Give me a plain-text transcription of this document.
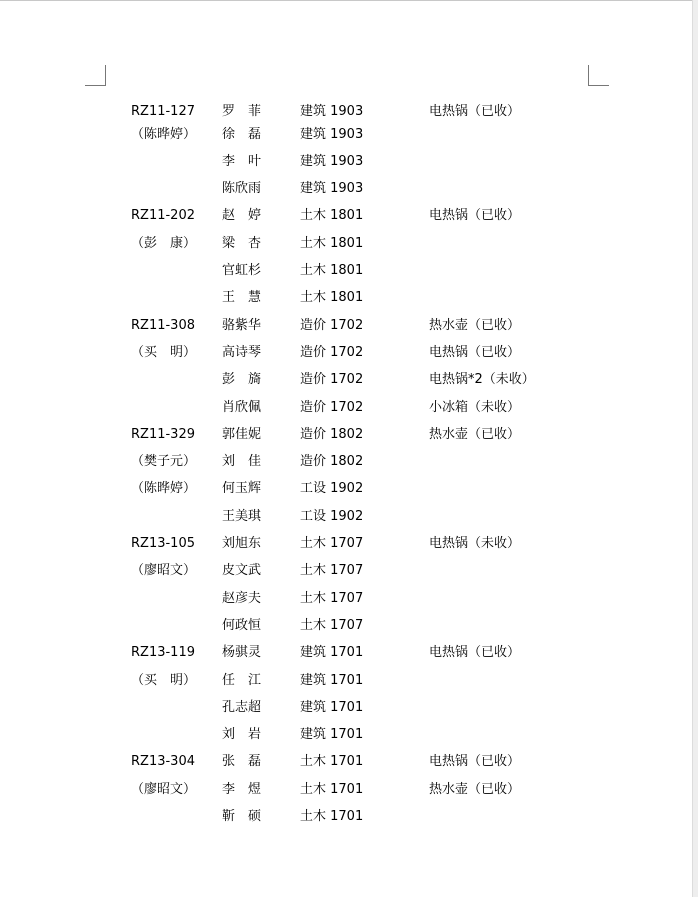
RZ11-127 罗　菲	建筑 1903	电热锅（已收）
（陈晔婷） 徐　磊	建筑 1903
李　叶	建筑 1903
陈欣雨	建筑 1903
RZ11-202 赵　婷	土木 1801	电热锅（已收）
（彭　康） 梁　杏	土木 1801
官虹杉	土木 1801
王　慧	土木 1801
RZ11-308 骆紫华	造价 1702	热水壶（已收）
（买　明） 高诗琴	造价 1702	电热锅（已收）
彭　旖	造价 1702	电热锅*2（未收）
肖欣佩	造价 1702	小冰箱（未收）
RZ11-329 郭佳妮	造价 1802	热水壶（已收）
（樊子元） 刘　佳	造价 1802
（陈晔婷） 何玉辉	工设 1902
王美琪	工设 1902
RZ13-105 刘旭东	土木 1707	电热锅（未收）
（廖昭文） 皮文武	土木 1707
赵彦夫	土木 1707
何政恒	土木 1707
RZ13-119 杨骐灵	建筑 1701	电热锅（已收）
（买　明） 任　江	建筑 1701
孔志超	建筑 1701
刘　岩	建筑 1701
RZ13-304 张　磊	土木 1701	电热锅（已收）
（廖昭文） 李　煜	土木 1701	热水壶（已收）
靳　硕	土木 1701
